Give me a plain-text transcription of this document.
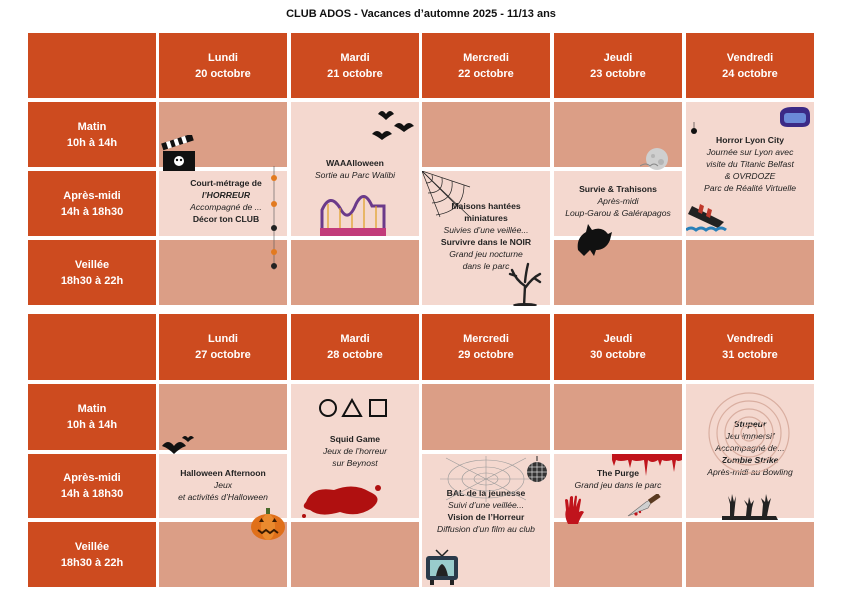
CLUB ADOS - Vacances d’automne 2025 - 11/13 ans
Lundi
20 octobre
Mardi
21 octobre
Mercredi
22 octobre
Jeudi
23 octobre
Vendredi
24 octobre
Matin
10h à 14h
Après-midi
14h à 18h30
Veillée
18h30 à 22h
Court-métrage de
l’HORREUR
Accompagné de ...
Décor ton CLUB
WAAAlloween
Sortie au Parc Walibi
Maisons hantées
miniatures
Suivies d’une veillée...
Survivre dans le NOIR
Grand jeu nocturne
dans le parc
Survie & Trahisons
Après-midi
Loup-Garou & Galérapagos
Horror Lyon City
Journée sur Lyon avec
visite du Titanic Belfast
& OVRDOZE
Parc de Réalité Virtuelle
Lundi
27 octobre
Mardi
28 octobre
Mercredi
29 octobre
Jeudi
30 octobre
Vendredi
31 octobre
Matin
10h à 14h
Après-midi
14h à 18h30
Veillée
18h30 à 22h
Halloween Afternoon
Jeux
et activités d’Halloween
Squid Game
Jeux de l’horreur
sur Beynost
BAL de la jeunesse
Suivi d’une veillée...
Vision de l’Horreur
Diffusion d’un film au club
The Purge
Grand jeu dans le parc
Stupeur
Jeu immersif
Accompagné de...
Zombie Strike
Après-midi au Bowling
